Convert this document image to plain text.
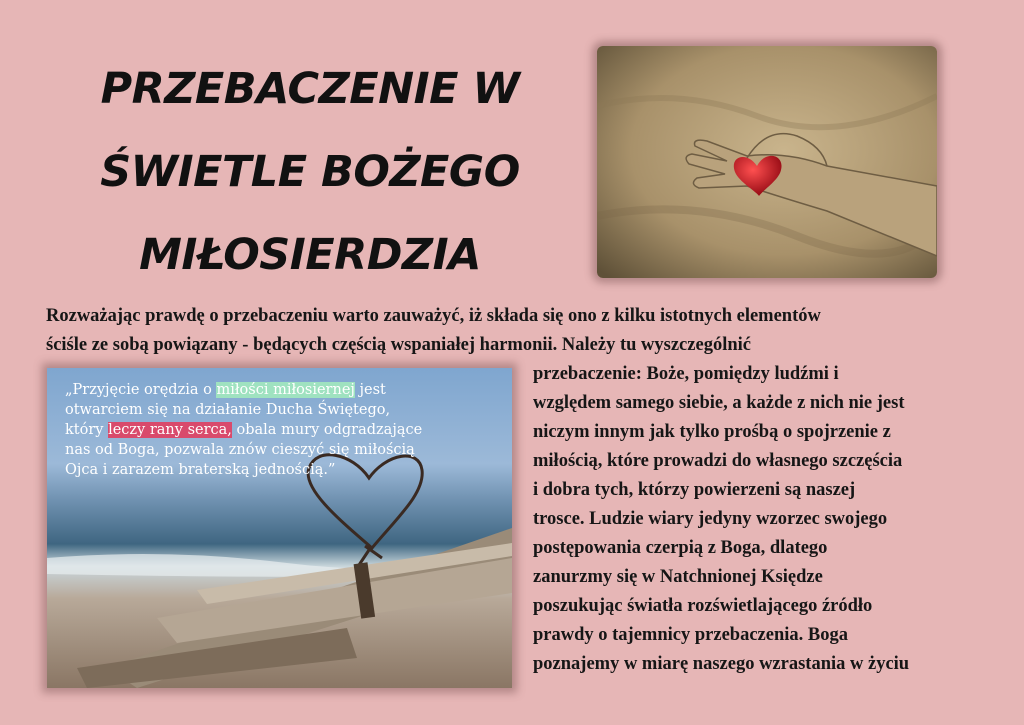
PRZEBACZENIE W
ŚWIETLE BOŻEGO
MIŁOSIERDZIA
Rozważając prawdę o przebaczeniu warto zauważyć, iż składa się ono z kilku istotnych elementów
ściśle ze sobą powiązany - będących częścią wspaniałej harmonii. Należy tu wyszczególnić
„Przyjęcie orędzia o miłości miłosiernej jest
otwarciem się na działanie Ducha Świętego,
który leczy rany serca, obala mury odgradzające
nas od Boga, pozwala znów cieszyć się miłością
Ojca i zarazem braterską jednością.”
przebaczenie: Boże, pomiędzy ludźmi i
względem samego siebie, a każde z nich nie jest
niczym innym jak tylko prośbą o spojrzenie z
miłością, które prowadzi do własnego szczęścia
i dobra tych, którzy powierzeni są naszej
trosce. Ludzie wiary jedyny wzorzec swojego
postępowania czerpią z Boga, dlatego
zanurzmy się w Natchnionej Księdze
poszukując światła rozświetlającego źródło
prawdy o tajemnicy przebaczenia. Boga
poznajemy w miarę naszego wzrastania w życiu
